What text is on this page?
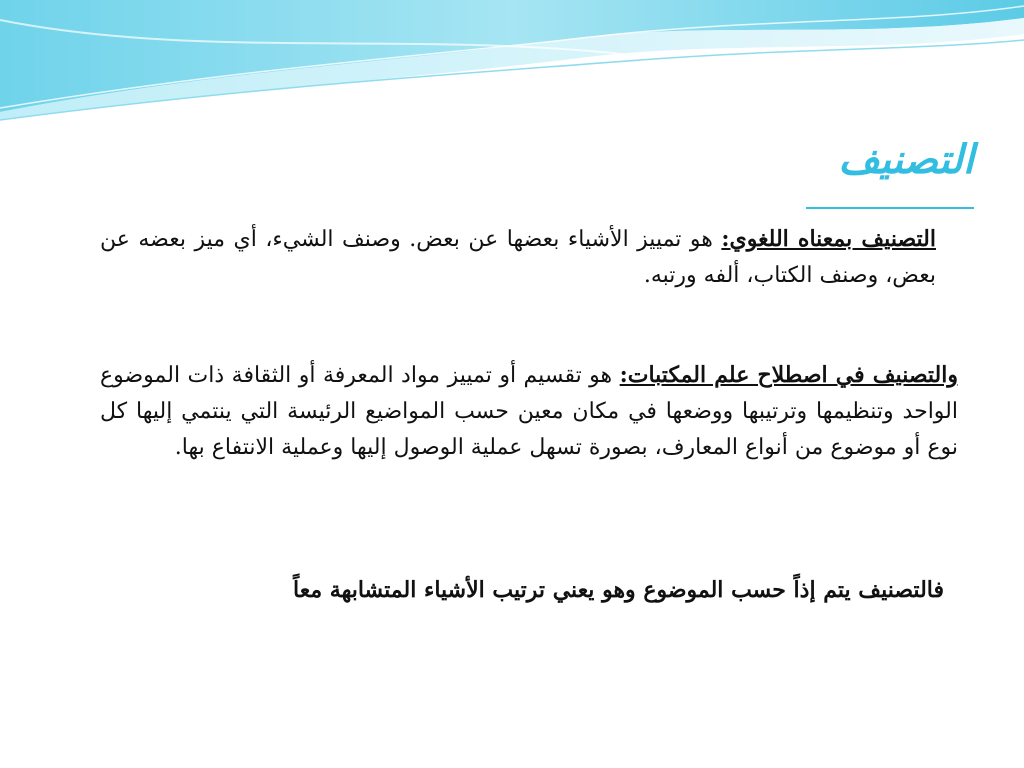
التصنيف

التصنيف بمعناه اللغوي: هو تمييز الأشياء بعضها عن بعض. وصنف الشيء، أي ميز بعضه عن بعض، وصنف الكتاب، ألفه ورتبه.

والتصنيف في اصطلاح علم المكتبات: هو تقسيم أو تمييز مواد المعرفة أو الثقافة ذات الموضوع الواحد وتنظيمها وترتيبها ووضعها في مكان معين حسب المواضيع الرئيسة التي ينتمي إليها كل نوع أو موضوع من أنواع المعارف، بصورة تسهل عملية الوصول إليها وعملية الانتفاع بها.

فالتصنيف يتم إذاً حسب الموضوع وهو يعني ترتيب الأشياء المتشابهة معاً
